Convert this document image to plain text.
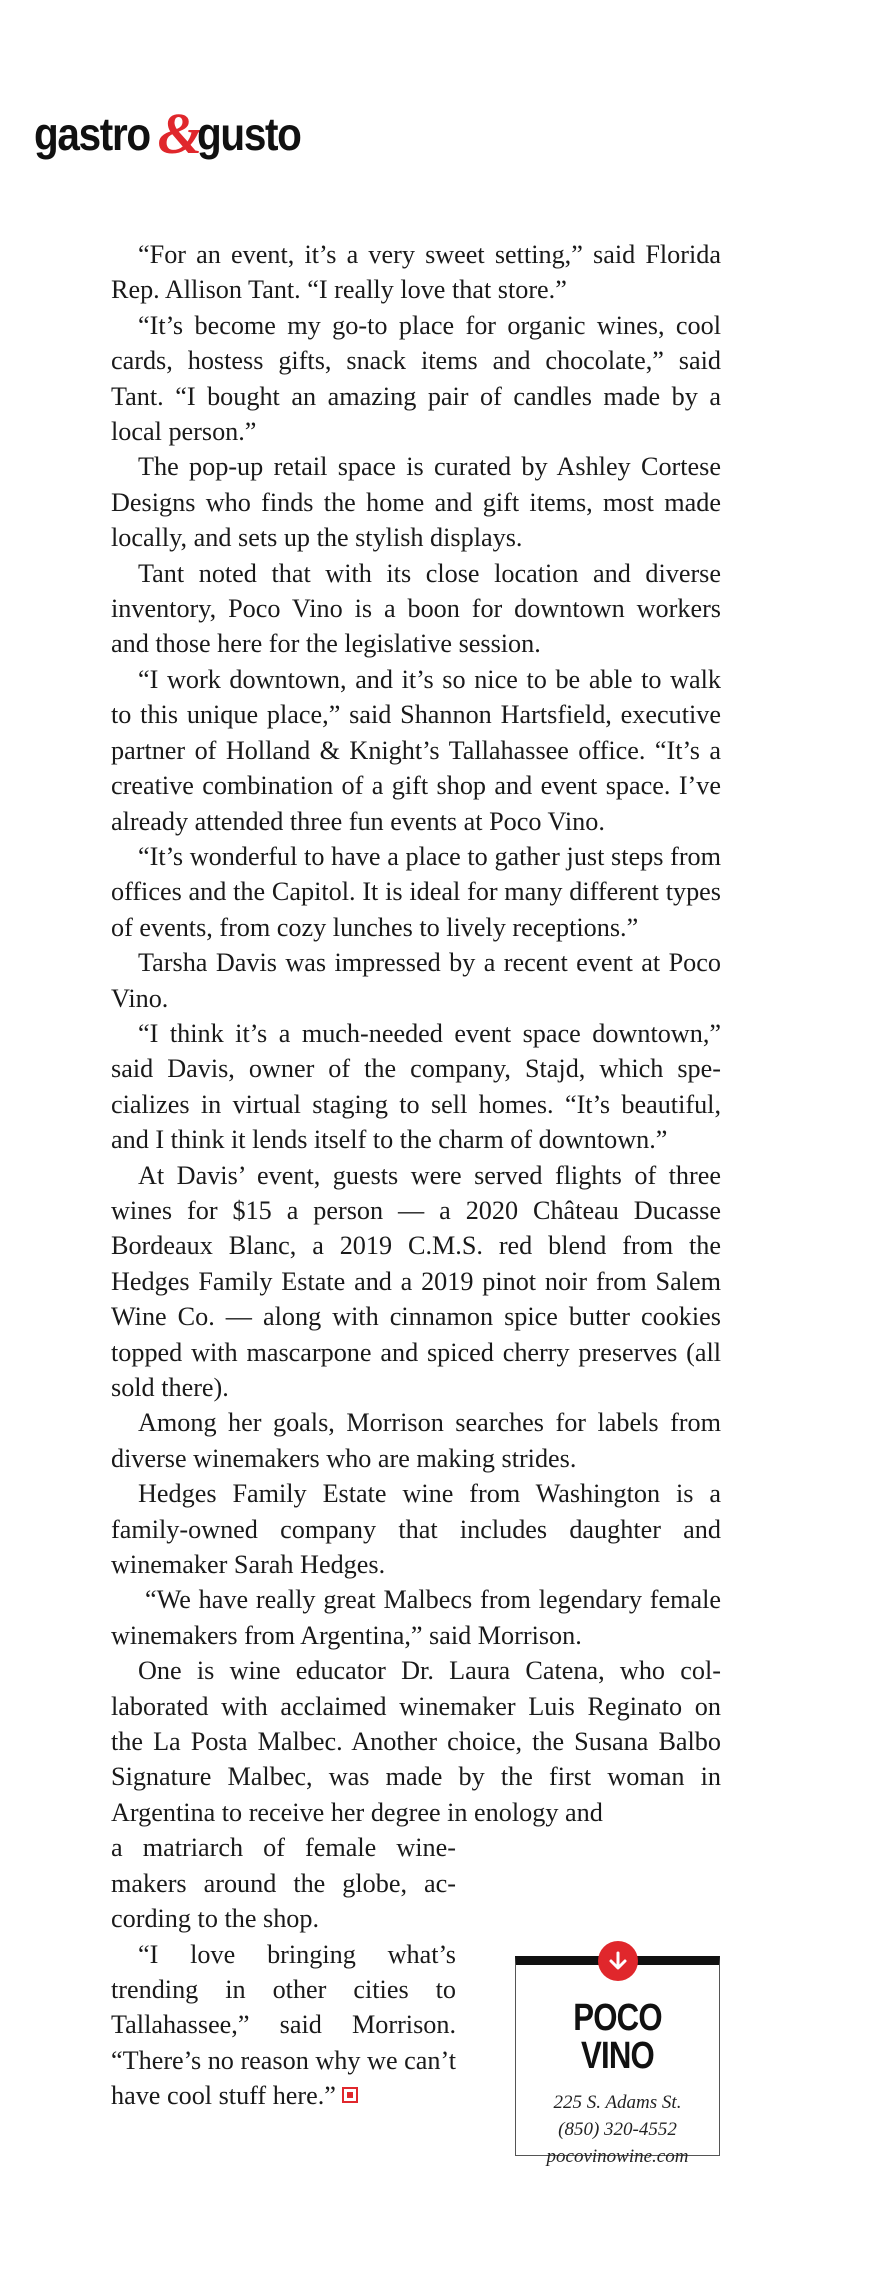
gastro &
gusto

“For an event, it’s a very sweet setting,” said Florida Rep. Allison Tant. “I really love that store.”

“It’s become my go-to place for organic wines, cool cards, hostess gifts, snack items and chocolate,” said Tant. “I bought an amazing pair of candles made by a local person.”

The pop-up retail space is curated by Ashley Cortese Designs who finds the home and gift items, most made locally, and sets up the stylish displays.

Tant noted that with its close location and diverse inventory, Poco Vino is a boon for downtown workers and those here for the legislative session.

“I work downtown, and it’s so nice to be able to walk to this unique place,” said Shannon Hartsfield, executive partner of Holland & Knight’s Tallahassee office. “It’s a creative combination of a gift shop and event space. I’ve already attended three fun events at Poco Vino.

“It’s wonderful to have a place to gather just steps from offices and the Capitol. It is ideal for many different types of events, from cozy lunches to lively receptions.”

Tarsha Davis was impressed by a recent event at Poco Vino.

“I think it’s a much-needed event space downtown,” said Davis, owner of the company, Stajd, which specializes in virtual staging to sell homes. “It’s beautiful, and I think it lends itself to the charm of downtown.”

At Davis’ event, guests were served flights of three wines for $15 a person — a 2020 Château Ducasse Bordeaux Blanc, a 2019 C.M.S. red blend from the Hedges Family Estate and a 2019 pinot noir from Salem Wine Co. — along with cinnamon spice butter cookies topped with mascarpone and spiced cherry preserves (all sold there).

Among her goals, Morrison searches for labels from diverse winemakers who are making strides.

Hedges Family Estate wine from Washington is a family-owned company that includes daughter and winemaker Sarah Hedges.

“We have really great Malbecs from legendary female winemakers from Argentina,” said Morrison.

One is wine educator Dr. Laura Catena, who collaborated with acclaimed winemaker Luis Reginato on the La Posta Malbec. Another choice, the Susana Balbo Signature Malbec, was made by the first woman in Argentina to receive her degree in enology and

a matriarch of female winemakers around the globe, according to the shop.

“I love bringing what’s trending in other cities to Tallahassee,” said Morrison. “There’s no reason why we can’t have cool stuff here.”

POCO VINO
225 S. Adams St.
(850) 320-4552
pocovinowine.com
